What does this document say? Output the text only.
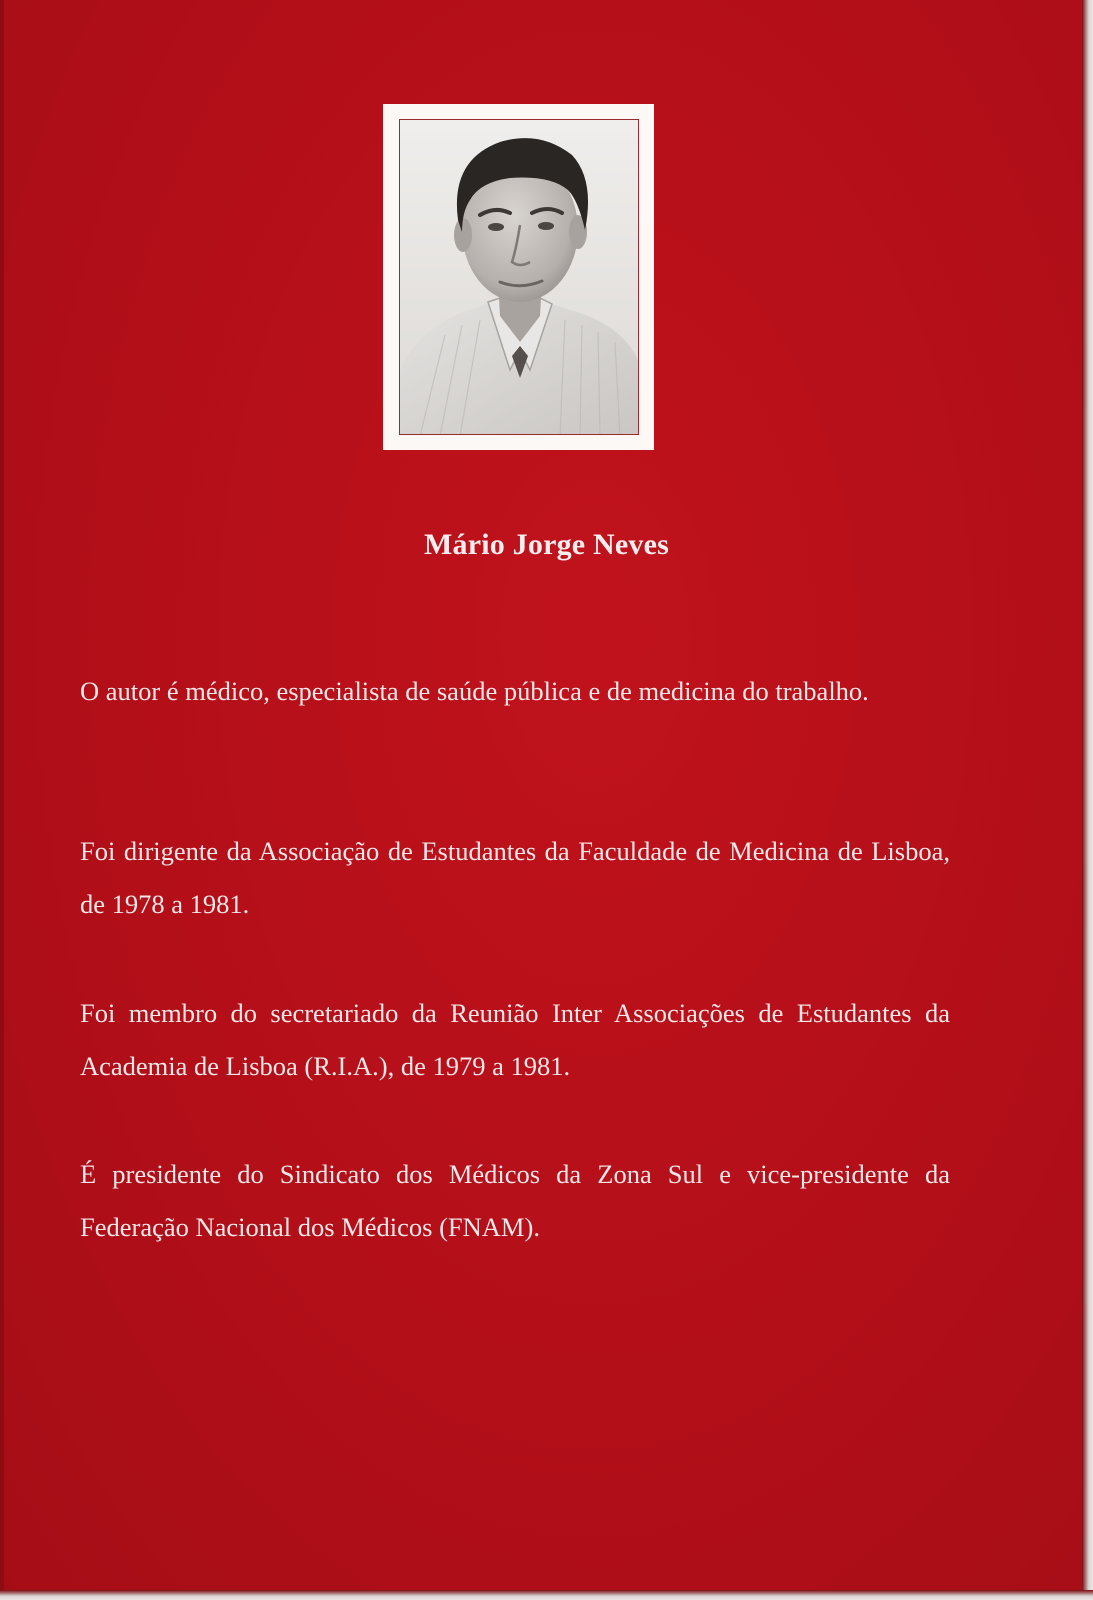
Mário Jorge Neves

O autor é médico, especialista de saúde pública e de medicina do trabalho.

Foi dirigente da Associação de Estudantes da Faculdade de Medicina de Lisboa, de 1978 a 1981.

Foi membro do secretariado da Reunião Inter Associações de Estudantes da Academia de Lisboa (R.I.A.), de 1979 a 1981.

É presidente do Sindicato dos Médicos da Zona Sul e vice-presidente da Federação Nacional dos Médicos (FNAM).
